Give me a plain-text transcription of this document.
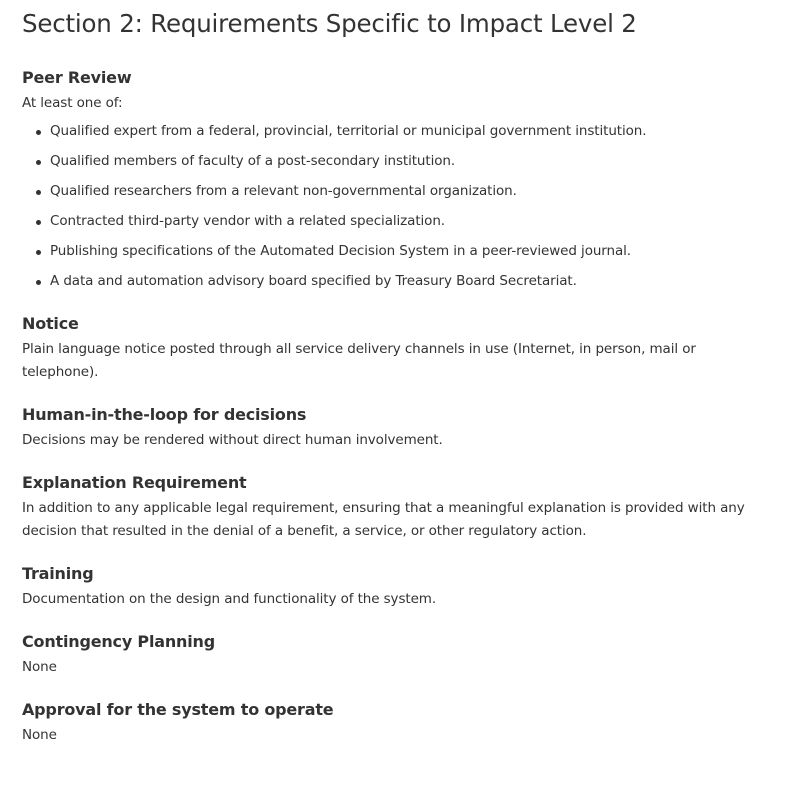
Section 2: Requirements Specific to Impact Level 2
Peer Review

At least one of:

Qualified expert from a federal, provincial, territorial or municipal government institution.
Qualified members of faculty of a post-secondary institution.
Qualified researchers from a relevant non-governmental organization.
Contracted third-party vendor with a related specialization.
Publishing specifications of the Automated Decision System in a peer-reviewed journal.
A data and automation advisory board specified by Treasury Board Secretariat.
Notice

Plain language notice posted through all service delivery channels in use (Internet, in person, mail or telephone).

Human-in-the-loop for decisions

Decisions may be rendered without direct human involvement.

Explanation Requirement

In addition to any applicable legal requirement, ensuring that a meaningful explanation is provided with any decision that resulted in the denial of a benefit, a service, or other regulatory action.

Training

Documentation on the design and functionality of the system.

Contingency Planning

None

Approval for the system to operate

None
